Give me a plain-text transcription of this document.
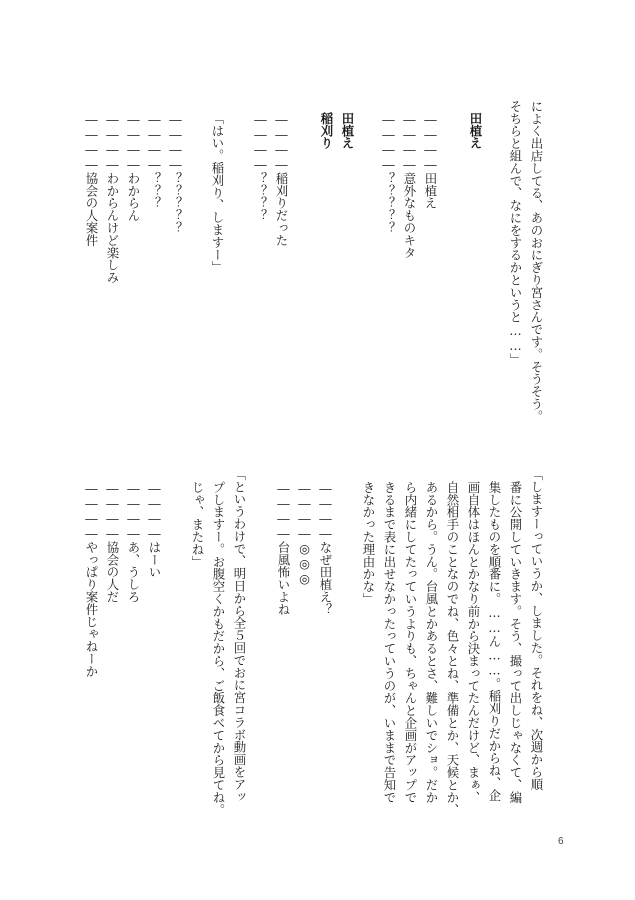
によく出店してる、あのおにぎり宮さんです。そうそう。
そちらと組んで、なにをするかというと……」
田植え
――――田植え
――――意外なものキタ
――――？？？？？
田植え
稲刈り
――――稲刈りだった
――――？？？？
「はい。稲刈り、しますー」
――――？？？？？
――――？？？
――――わからん
――――わからんけど楽しみ
――――協会の人案件
「しますーっていうか、しました。それをね、次週から順
番に公開していきます。そう、撮って出しじゃなくて、編
集したものを順番に。……ん……。稲刈りだからね、企
画自体はほんとかなり前から決まってたんだけど、まぁ、
自然相手のことなのでね、色々とね、準備とか、天候とか、
あるから。うん。台風とかあるとさ、難しいでショ。だか
ら内緒にしてたっていうよりも、ちゃんと企画がアップで
きるまで表に出せなかったっていうのが、いままで告知で
きなかった理由かな」
――――なぜ田植え？
――――◎◎◎
――――台風怖いよね
「というわけで、明日から全５回でおに宮コラボ動画をアッ
プしますー。お腹空くかもだから、ご飯食べてから見てね。
じゃ、またね」
――――はーい
――――あ、うしろ
――――協会の人だ
――――やっぱり案件じゃねーか
6
